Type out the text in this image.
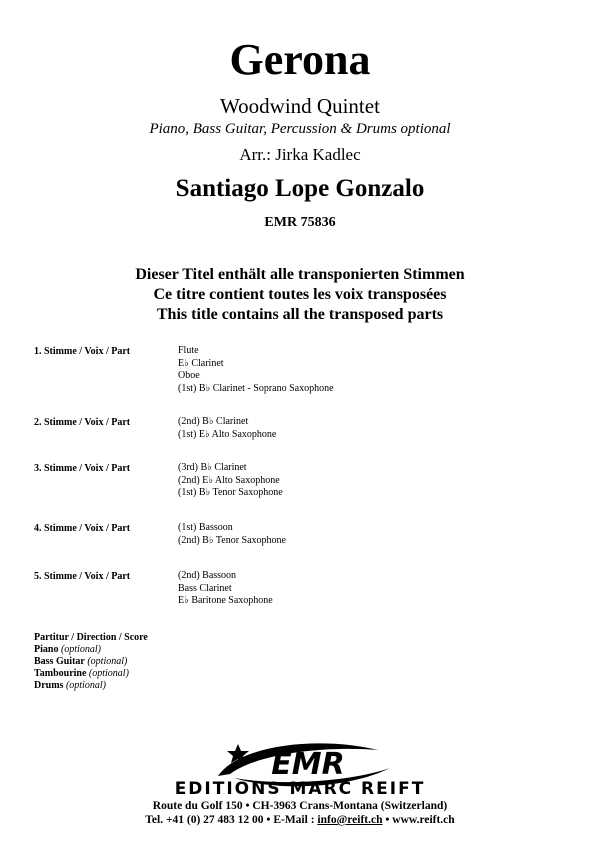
Gerona
Woodwind Quintet
Piano, Bass Guitar, Percussion & Drums optional
Arr.: Jirka Kadlec
Santiago Lope Gonzalo
EMR 75836
Dieser Titel enthält alle transponierten Stimmen
Ce titre contient toutes les voix transposées
This title contains all the transposed parts
1. Stimme / Voix / Part	Flute
E♭ Clarinet
Oboe
(1st) B♭ Clarinet - Soprano Saxophone
2. Stimme / Voix / Part	(2nd) B♭ Clarinet
(1st) E♭ Alto Saxophone
3. Stimme / Voix / Part	(3rd) B♭ Clarinet
(2nd) E♭ Alto Saxophone
(1st) B♭ Tenor Saxophone
4. Stimme / Voix / Part	(1st) Bassoon
(2nd) B♭ Tenor Saxophone
5. Stimme / Voix / Part	(2nd) Bassoon
Bass Clarinet
E♭ Baritone Saxophone
Partitur / Direction / Score
Piano (optional)
Bass Guitar (optional)
Tambourine (optional)
Drums (optional)
EMR
EDITIONS MARC REIFT
Route du Golf 150 • CH-3963 Crans-Montana (Switzerland)
Tel. +41 (0) 27 483 12 00 • E-Mail : info@reift.ch • www.reift.ch
